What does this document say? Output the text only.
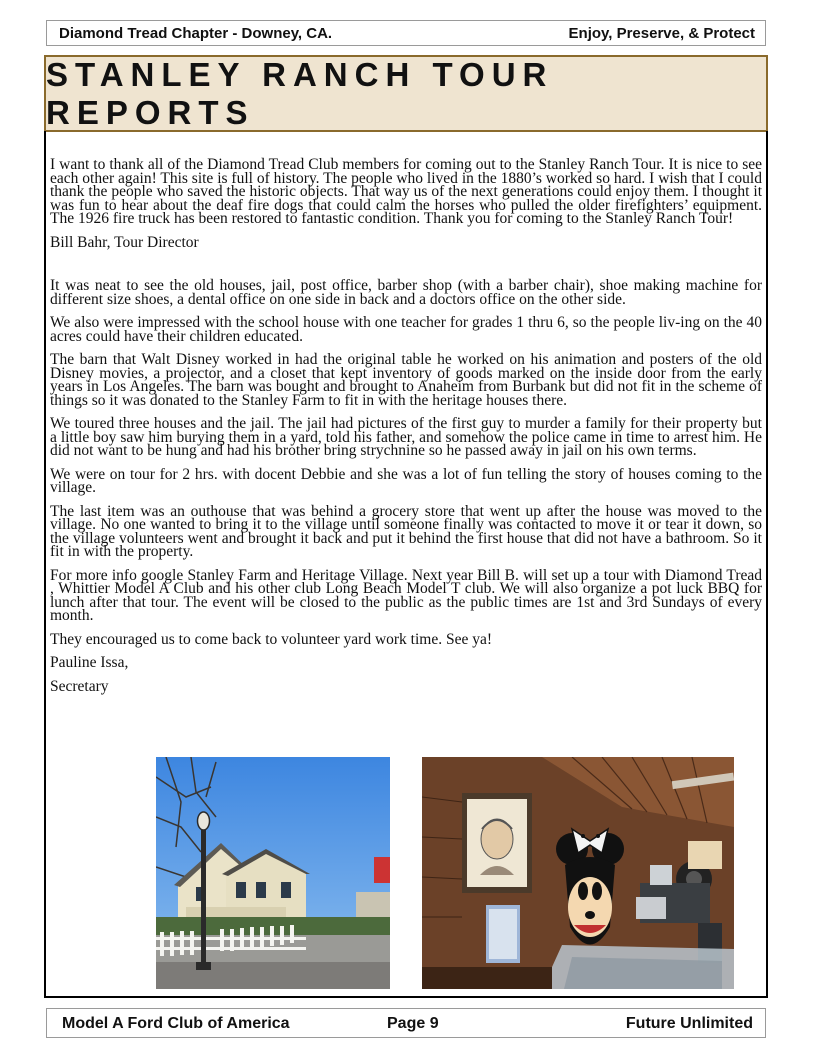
Diamond Tread Chapter - Downey, CA.	Enjoy, Preserve, & Protect
STANLEY RANCH TOUR REPORTS

I want to thank all of the Diamond Tread Club members for coming out to the Stanley Ranch Tour. It is nice to see each other again! This site is full of history. The people who lived in the 1880’s worked so hard. I wish that I could thank the people who saved the historic objects. That way us of the next generations could enjoy them. I thought it was fun to hear about the deaf fire dogs that could calm the horses who pulled the older firefighters’ equipment. The 1926 fire truck has been restored to fantastic condition. Thank you for coming to the Stanley Ranch Tour!

Bill Bahr, Tour Director

It was neat to see the old houses, jail, post office, barber shop (with a barber chair), shoe making machine for different size shoes, a dental office on one side in back and a doctors office on the other side.

We also were impressed with the school house with one teacher for grades 1 thru 6, so the people liv-ing on the 40 acres could have their children educated.

The barn that Walt Disney worked in had the original table he worked on his animation and posters of the old Disney movies, a projector, and a closet that kept inventory of goods marked on the inside door from the early years in Los Angeles. The barn was bought and brought to Anaheim from Burbank but did not fit in the scheme of things so it was donated to the Stanley Farm to fit in with the heritage houses there.

We toured three houses and the jail. The jail had pictures of the first guy to murder a family for their property but a little boy saw him burying them in a yard, told his father, and somehow the police came in time to arrest him. He did not want to be hung and had his brother bring strychnine so he passed away in jail on his own terms.

We were on tour for 2 hrs. with docent Debbie and she was a lot of fun telling the story of houses coming to the village.

The last item was an outhouse that was behind a grocery store that went up after the house was moved to the village. No one wanted to bring it to the village until someone finally was contacted to move it or tear it down, so the village volunteers went and brought it back and put it behind the first house that did not have a bathroom. So it fit in with the property.

For more info google Stanley Farm and Heritage Village. Next year Bill B. will set up a tour with Diamond Tread , Whittier Model A Club and his other club Long Beach Model T club. We will also organize a pot luck BBQ for lunch after that tour. The event will be closed to the public as the public times are 1st and 3rd Sundays of every month.

They encouraged us to come back to volunteer yard work time. See ya!

Pauline Issa,

Secretary

Model A Ford Club of America	Page 9	Future Unlimited
